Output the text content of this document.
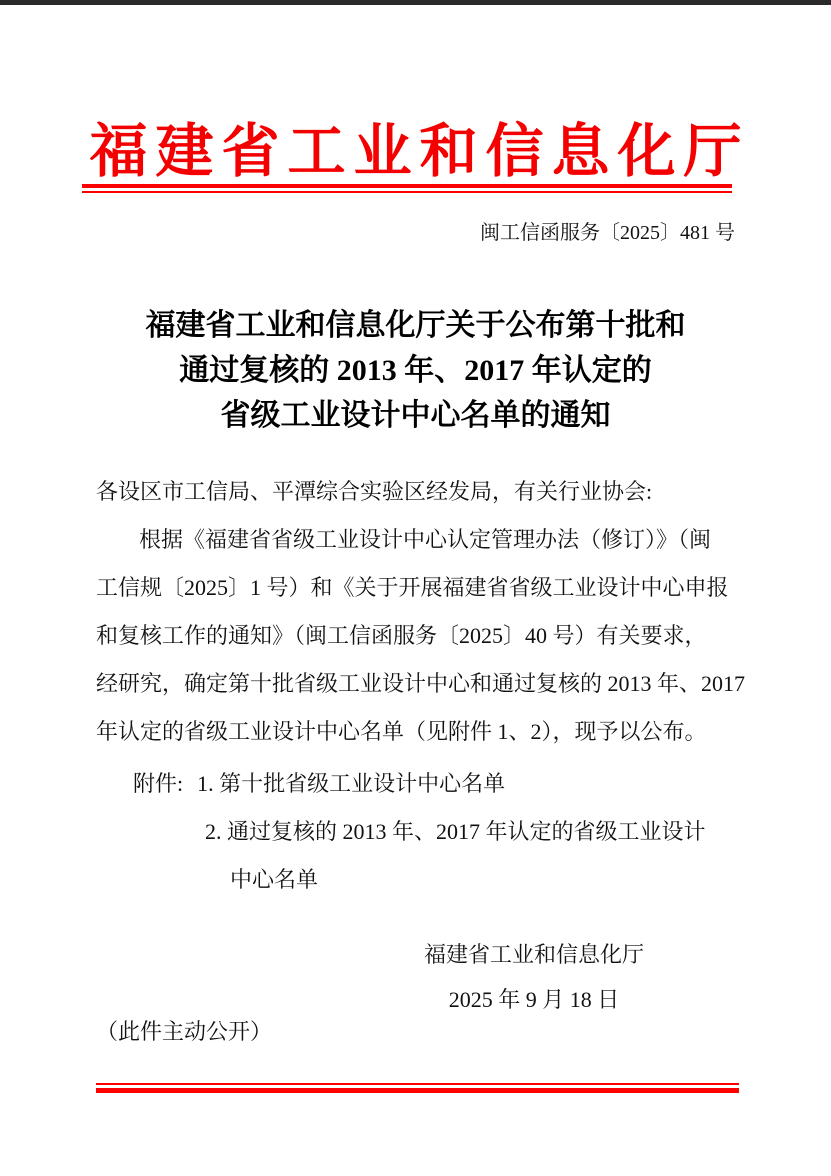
福建省工业和信息化厅
闽工信函服务〔2025〕481 号
福建省工业和信息化厅关于公布第十批和
通过复核的 2013 年、2017 年认定的
省级工业设计中心名单的通知
各设区市工信局、平潭综合实验区经发局，有关行业协会:
根据《福建省省级工业设计中心认定管理办法（修订）》（闽
工信规〔2025〕1 号）和《关于开展福建省省级工业设计中心申报
和复核工作的通知》（闽工信函服务〔2025〕40 号）有关要求，
经研究，确定第十批省级工业设计中心和通过复核的 2013 年、2017
年认定的省级工业设计中心名单（见附件 1、2），现予以公布。
附件: 1. 第十批省级工业设计中心名单
2. 通过复核的 2013 年、2017 年认定的省级工业设计
中心名单
福建省工业和信息化厅
2025 年 9 月 18 日
（此件主动公开）
